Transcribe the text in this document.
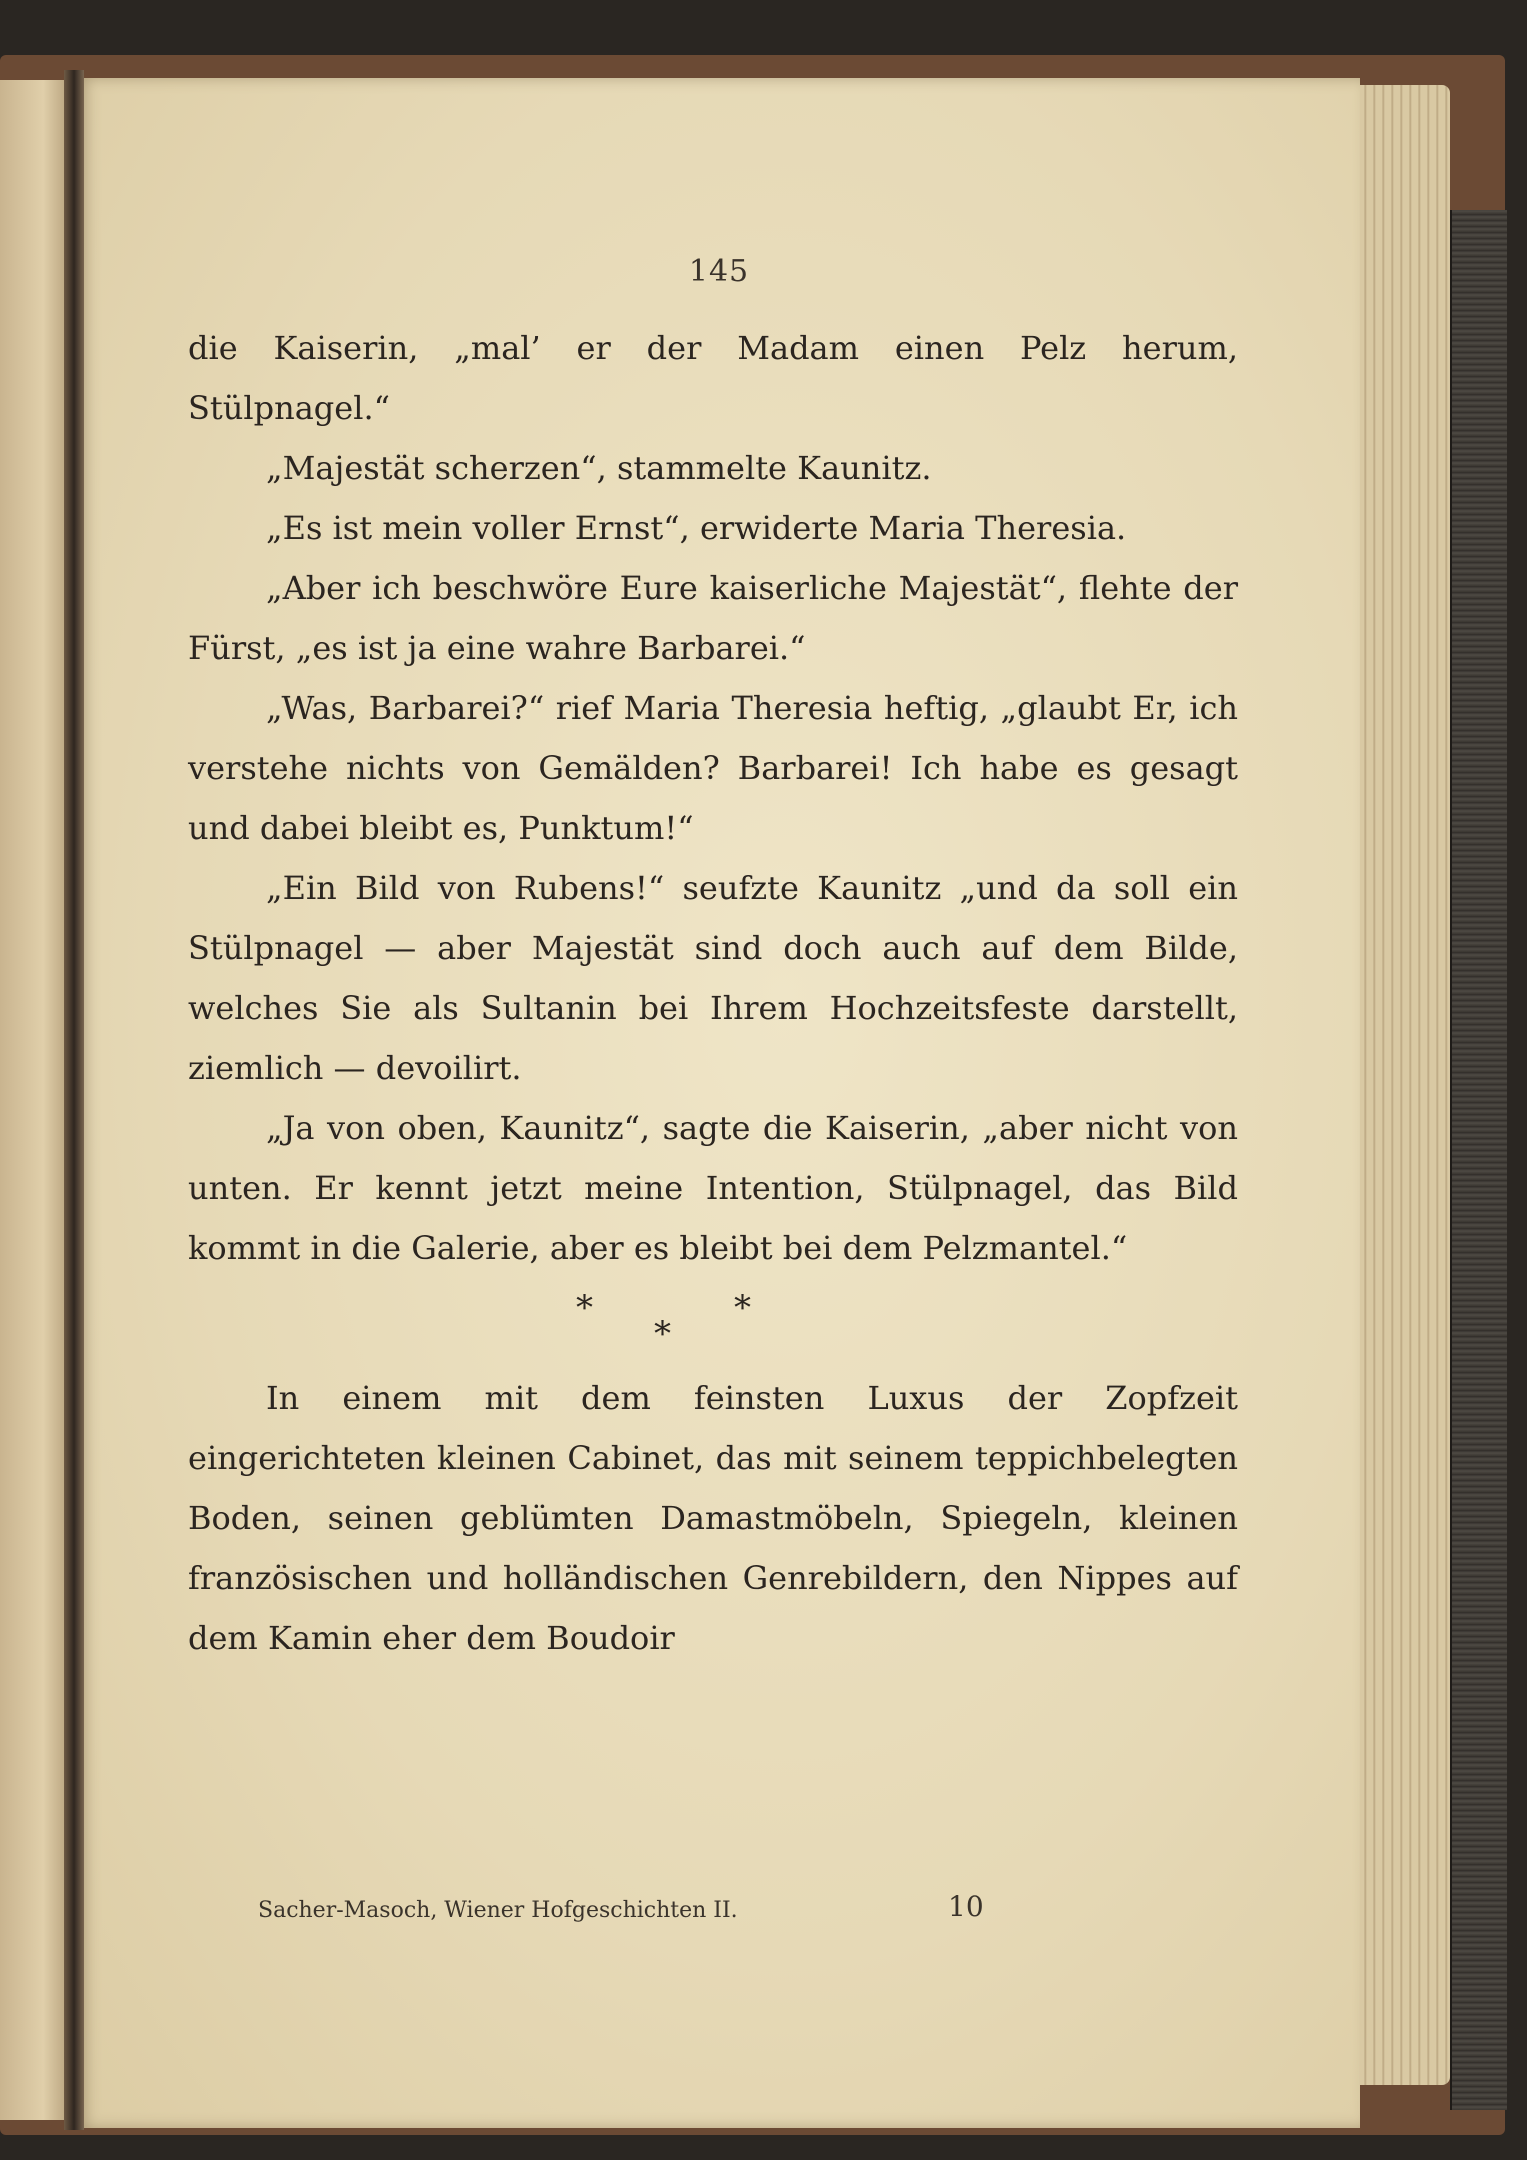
145

die Kaiserin, „mal’ er der Madam einen Pelz herum, Stülpnagel.“

„Majestät scherzen“, stammelte Kaunitz.

„Es ist mein voller Ernst“, erwiderte Maria Theresia.

„Aber ich beschwöre Eure kaiserliche Majestät“, flehte der Fürst, „es ist ja eine wahre Barbarei.“

„Was, Barbarei?“ rief Maria Theresia heftig, „glaubt Er, ich verstehe nichts von Gemälden? Barbarei! Ich habe es gesagt und dabei bleibt es, Punktum!“

„Ein Bild von Rubens!“ seufzte Kaunitz „und da soll ein Stülpnagel — aber Majestät sind doch auch auf dem Bilde, welches Sie als Sultanin bei Ihrem Hochzeitsfeste darstellt, ziemlich — devoilirt.

„Ja von oben, Kaunitz“, sagte die Kaiserin, „aber nicht von unten. Er kennt jetzt meine Intention, Stülpnagel, das Bild kommt in die Galerie, aber es bleibt bei dem Pelzmantel.“

*
*
*

In einem mit dem feinsten Luxus der Zopfzeit eingerichteten kleinen Cabinet, das mit seinem teppichbelegten Boden, seinen geblümten Damastmöbeln, Spiegeln, kleinen französischen und holländischen Genrebildern, den Nippes auf dem Kamin eher dem Boudoir

Sacher-Masoch, Wiener Hofgeschichten II.	10
